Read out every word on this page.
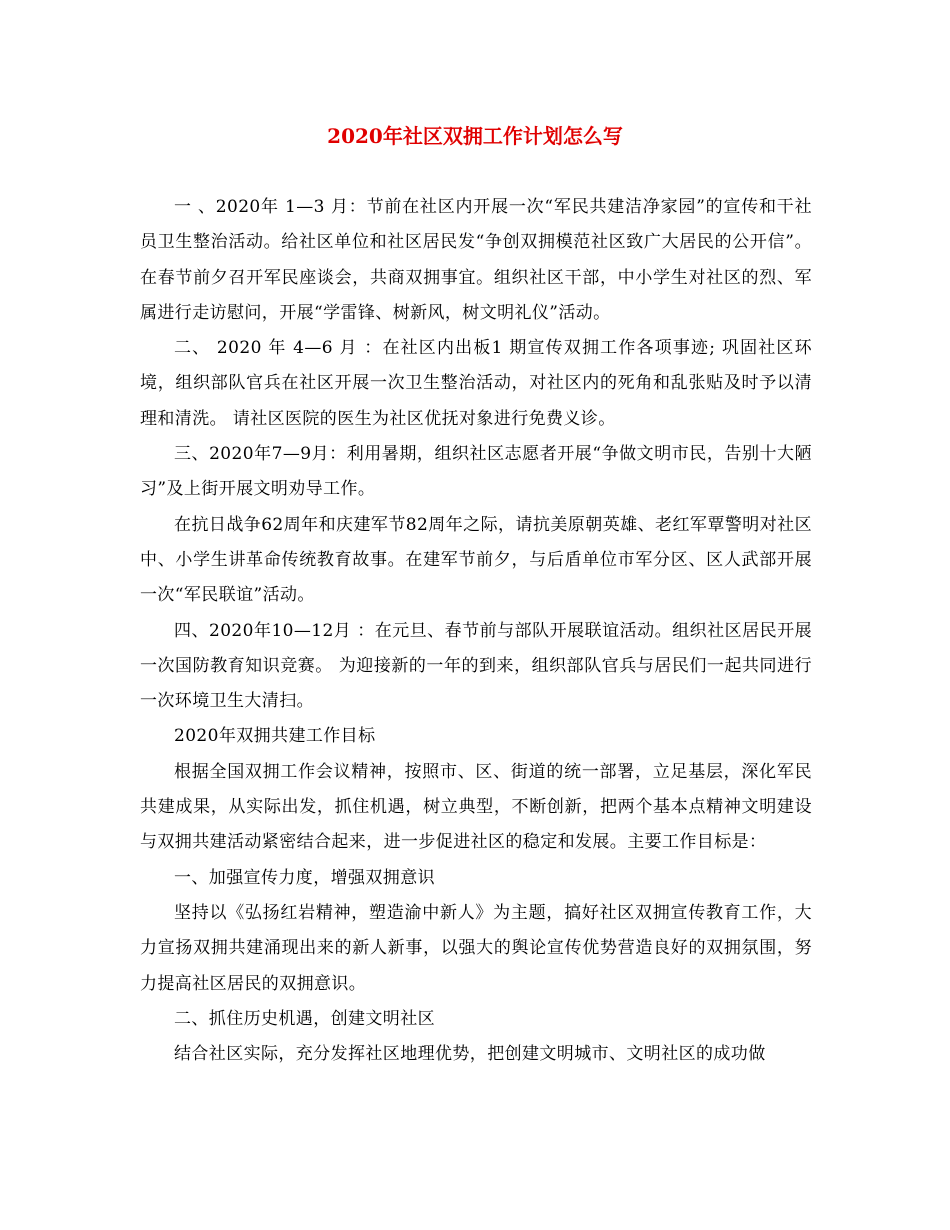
2020年社区双拥工作计划怎么写

一 、2020年 1—3 月：节前在社区内开展一次“军民共建洁净家园”的宣传和干社员卫生整治活动。给社区单位和社区居民发“争创双拥模范社区致广大居民的公开信”。 在春节前夕召开军民座谈会，共商双拥事宜。组织社区干部，中小学生对社区的烈、军属进行走访慰问，开展“学雷锋、树新风，树文明礼仪”活动。

二、 2020 年 4—6 月 ：在社区内出板1 期宣传双拥工作各项事迹; 巩固社区环境，组织部队官兵在社区开展一次卫生整治活动，对社区内的死角和乱张贴及时予以清理和清洗。 请社区医院的医生为社区优抚对象进行免费义诊。

三、2020年7—9月：利用暑期，组织社区志愿者开展“争做文明市民，告别十大陋习”及上街开展文明劝导工作。

在抗日战争62周年和庆建军节82周年之际，请抗美原朝英雄、老红军覃警明对社区中、小学生讲革命传统教育故事。在建军节前夕，与后盾单位市军分区、区人武部开展一次“军民联谊”活动。

四、2020年10—12月 ：在元旦、春节前与部队开展联谊活动。组织社区居民开展一次国防教育知识竞赛。 为迎接新的一年的到来，组织部队官兵与居民们一起共同进行一次环境卫生大清扫。

2020年双拥共建工作目标

根据全国双拥工作会议精神，按照市、区、街道的统一部署，立足基层，深化军民共建成果，从实际出发，抓住机遇，树立典型，不断创新，把两个基本点精神文明建设与双拥共建活动紧密结合起来，进一步促进社区的稳定和发展。主要工作目标是：

一、加强宣传力度，增强双拥意识

坚持以《弘扬红岩精神，塑造渝中新人》为主题，搞好社区双拥宣传教育工作，大力宣扬双拥共建涌现出来的新人新事，以强大的舆论宣传优势营造良好的双拥氛围，努力提高社区居民的双拥意识。

二、抓住历史机遇，创建文明社区

结合社区实际，充分发挥社区地理优势，把创建文明城市、文明社区的成功做
